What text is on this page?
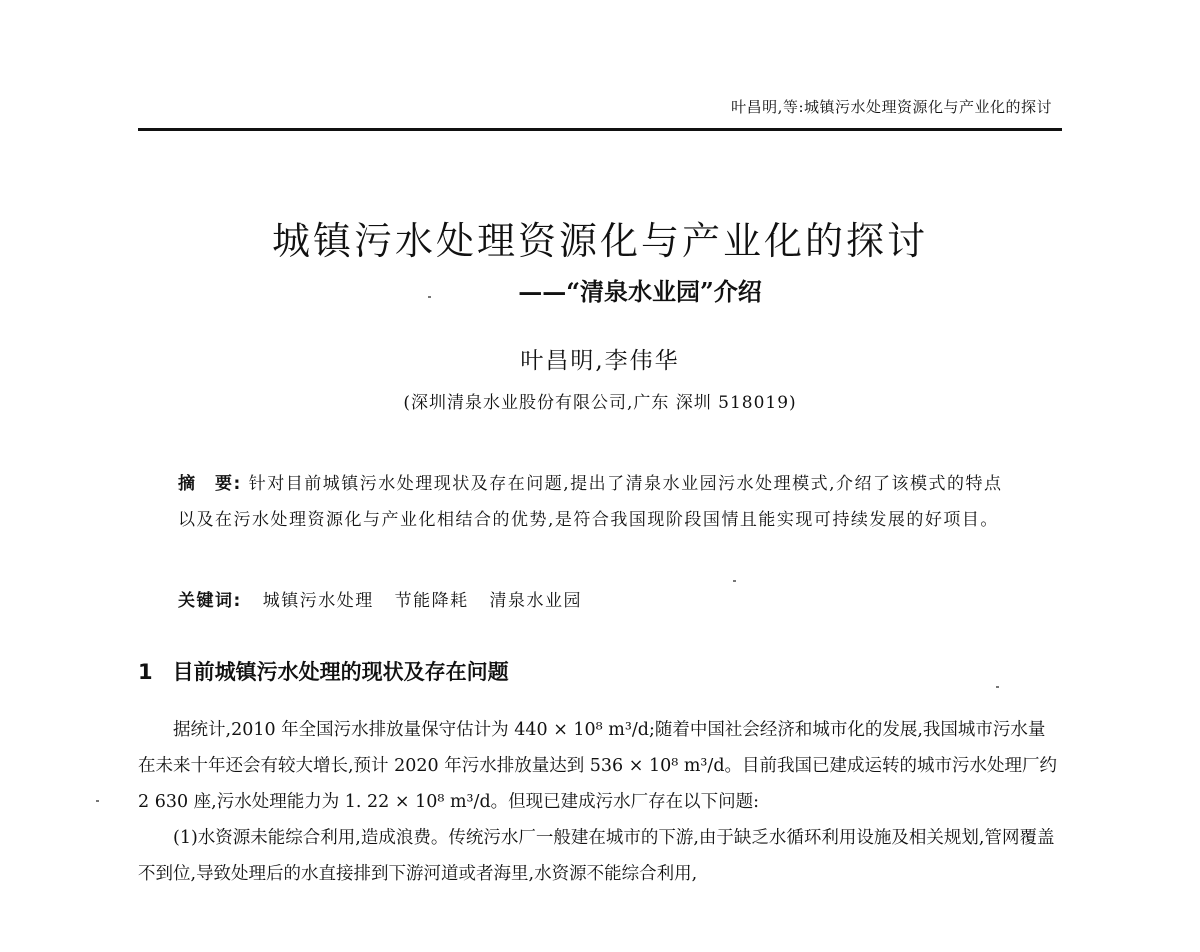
叶昌明,等:城镇污水处理资源化与产业化的探讨
城镇污水处理资源化与产业化的探讨
——“清泉水业园”介绍
叶昌明,李伟华
(深圳清泉水业股份有限公司,广东 深圳 518019)
摘　要: 针对目前城镇污水处理现状及存在问题,提出了清泉水业园污水处理模式,介绍了该模式的特点以及在污水处理资源化与产业化相结合的优势,是符合我国现阶段国情且能实现可持续发展的好项目。
关键词: 城镇污水处理 节能降耗 清泉水业园
1 目前城镇污水处理的现状及存在问题

据统计,2010 年全国污水排放量保守估计为 440 × 10⁸ m³/d;随着中国社会经济和城市化的发展,我国城市污水量在未来十年还会有较大增长,预计 2020 年污水排放量达到 536 × 10⁸ m³/d。目前我国已建成运转的城市污水处理厂约 2 630 座,污水处理能力为 1. 22 × 10⁸ m³/d。但现已建成污水厂存在以下问题:

(1)水资源未能综合利用,造成浪费。传统污水厂一般建在城市的下游,由于缺乏水循环利用设施及相关规划,管网覆盖不到位,导致处理后的水直接排到下游河道或者海里,水资源不能综合利用,
